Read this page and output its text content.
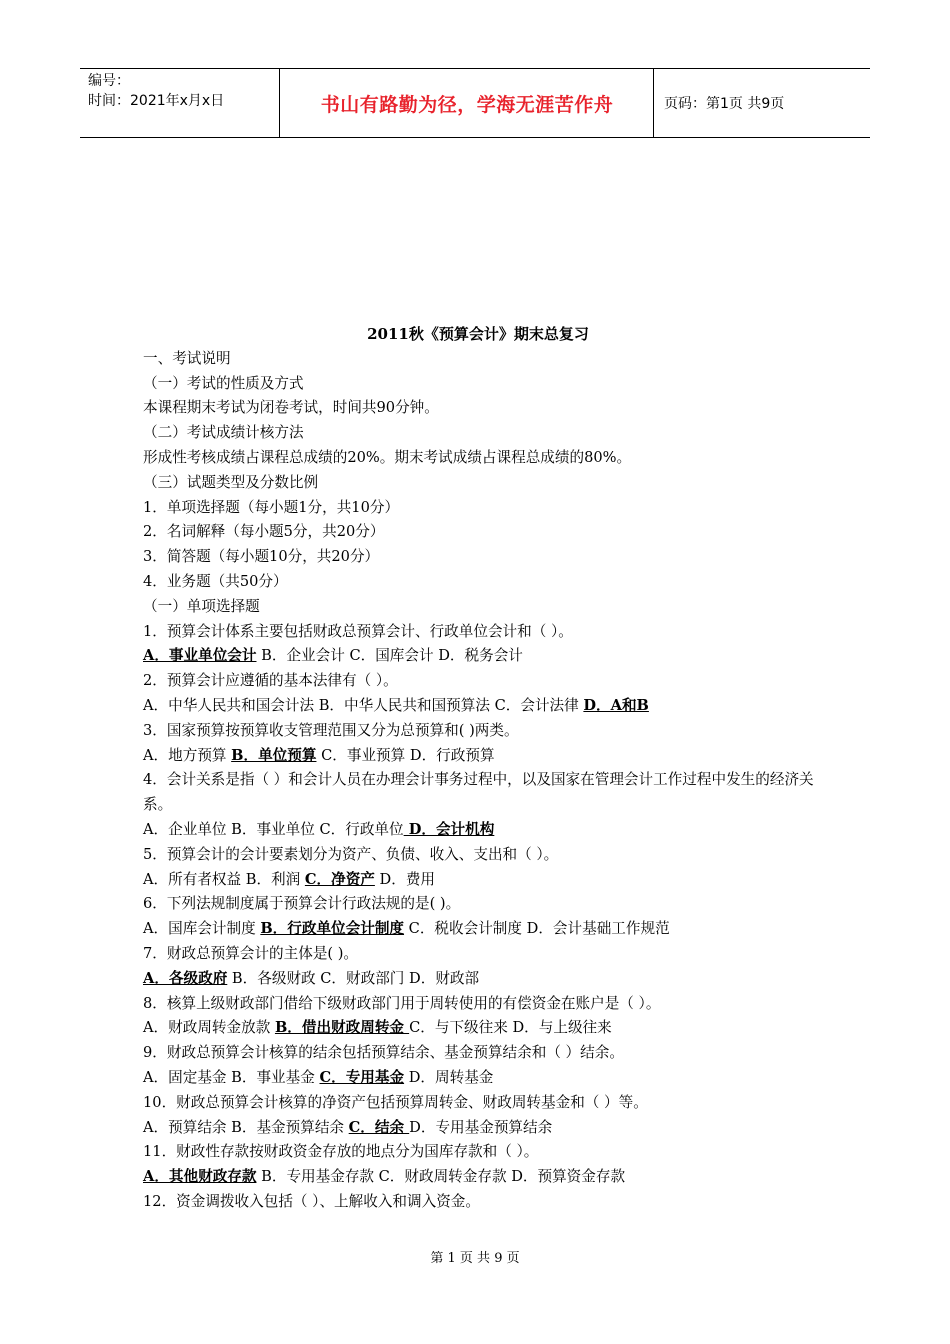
编号：
时间：2021年x月x日	书山有路勤为径，学海无涯苦作舟	页码：第1页 共9页
2011秋《预算会计》期末总复习
一、考试说明
（一）考试的性质及方式
本课程期末考试为闭卷考试，时间共90分钟。
（二）考试成绩计核方法
形成性考核成绩占课程总成绩的20%。期末考试成绩占课程总成绩的80%。
（三）试题类型及分数比例
1．单项选择题（每小题1分，共10分）
2．名词解释（每小题5分，共20分）
3．简答题（每小题10分，共20分）
4．业务题（共50分）
（一）单项选择题
1．预算会计体系主要包括财政总预算会计、行政单位会计和（ ）。
A．事业单位会计 B．企业会计 C．国库会计 D．税务会计
2．预算会计应遵循的基本法律有（ ）。
A．中华人民共和国会计法 B．中华人民共和国预算法 C．会计法律 D．A和B
3．国家预算按预算收支管理范围又分为总预算和( )两类。
A．地方预算 B．单位预算 C．事业预算 D．行政预算
4．会计关系是指（ ）和会计人员在办理会计事务过程中，以及国家在管理会计工作过程中发生的经济关系。
A．企业单位 B．事业单位 C．行政单位 D．会计机构
5．预算会计的会计要素划分为资产、负债、收入、支出和（ ）。
A．所有者权益 B．利润 C．净资产 D．费用
6．下列法规制度属于预算会计行政法规的是( )。
A．国库会计制度 B．行政单位会计制度 C．税收会计制度 D．会计基础工作规范
7．财政总预算会计的主体是( )。
A．各级政府 B．各级财政 C．财政部门 D．财政部
8．核算上级财政部门借给下级财政部门用于周转使用的有偿资金在账户是（ ）。
A．财政周转金放款 B．借出财政周转金 C．与下级往来 D．与上级往来
9．财政总预算会计核算的结余包括预算结余、基金预算结余和（ ）结余。
A．固定基金 B．事业基金 C．专用基金 D．周转基金
10．财政总预算会计核算的净资产包括预算周转金、财政周转基金和（ ）等。
A．预算结余 B．基金预算结余 C．结余 D．专用基金预算结余
11．财政性存款按财政资金存放的地点分为国库存款和（ ）。
A．其他财政存款 B．专用基金存款 C．财政周转金存款 D．预算资金存款
12．资金调拨收入包括（ ）、上解收入和调入资金。
第 1 页 共 9 页
